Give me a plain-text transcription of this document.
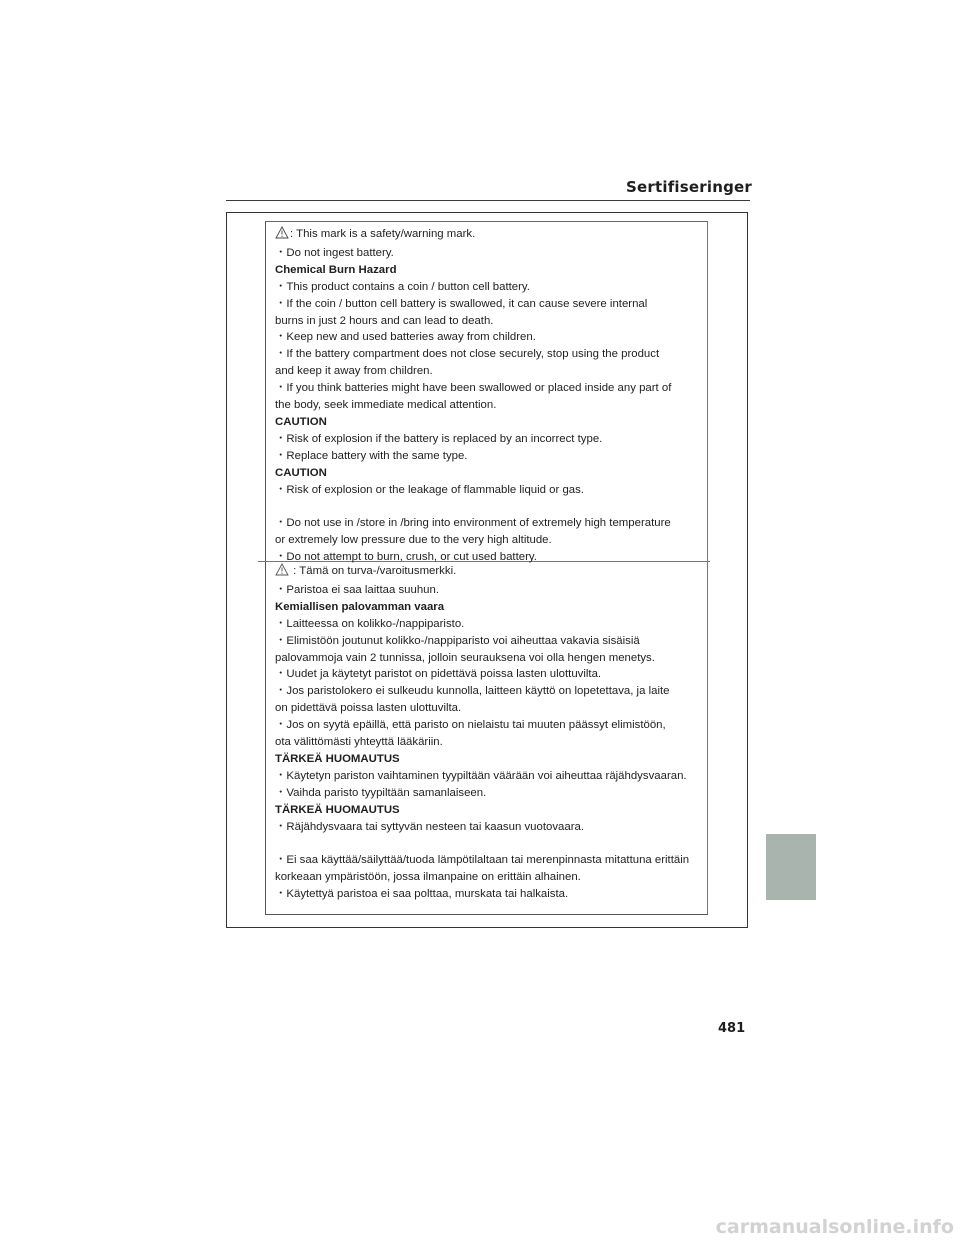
Sertifiseringer
: This mark is a safety/warning mark.
・Do not ingest battery.
Chemical Burn Hazard
・This product contains a coin / button cell battery.
・If the coin / button cell battery is swallowed, it can cause severe internal
burns in just 2 hours and can lead to death.
・Keep new and used batteries away from children.
・If the battery compartment does not close securely, stop using the product
and keep it away from children.
・If you think batteries might have been swallowed or placed inside any part of
the body, seek immediate medical attention.
CAUTION
・Risk of explosion if the battery is replaced by an incorrect type.
・Replace battery with the same type.
CAUTION
・Risk of explosion or the leakage of flammable liquid or gas.
・Do not use in /store in /bring into environment of extremely high temperature
or extremely low pressure due to the very high altitude.
・Do not attempt to burn, crush, or cut used battery.
: Tämä on turva-/varoitusmerkki.
・Paristoa ei saa laittaa suuhun.
Kemiallisen palovamman vaara
・Laitteessa on kolikko-/nappiparisto.
・Elimistöön joutunut kolikko-/nappiparisto voi aiheuttaa vakavia sisäisiä
palovammoja vain 2 tunnissa, jolloin seurauksena voi olla hengen menetys.
・Uudet ja käytetyt paristot on pidettävä poissa lasten ulottuvilta.
・Jos paristolokero ei sulkeudu kunnolla, laitteen käyttö on lopetettava, ja laite
on pidettävä poissa lasten ulottuvilta.
・Jos on syytä epäillä, että paristo on nielaistu tai muuten päässyt elimistöön,
ota välittömästi yhteyttä lääkäriin.
TÄRKEÄ HUOMAUTUS
・Käytetyn pariston vaihtaminen tyypiltään väärään voi aiheuttaa räjähdysvaaran.
・Vaihda paristo tyypiltään samanlaiseen.
TÄRKEÄ HUOMAUTUS
・Räjähdysvaara tai syttyvän nesteen tai kaasun vuotovaara.
・Ei saa käyttää/säilyttää/tuoda lämpötilaltaan tai merenpinnasta mitattuna erittäin
korkeaan ympäristöön, jossa ilmanpaine on erittäin alhainen.
・Käytettyä paristoa ei saa polttaa, murskata tai halkaista.
481
carmanualsonline.info
